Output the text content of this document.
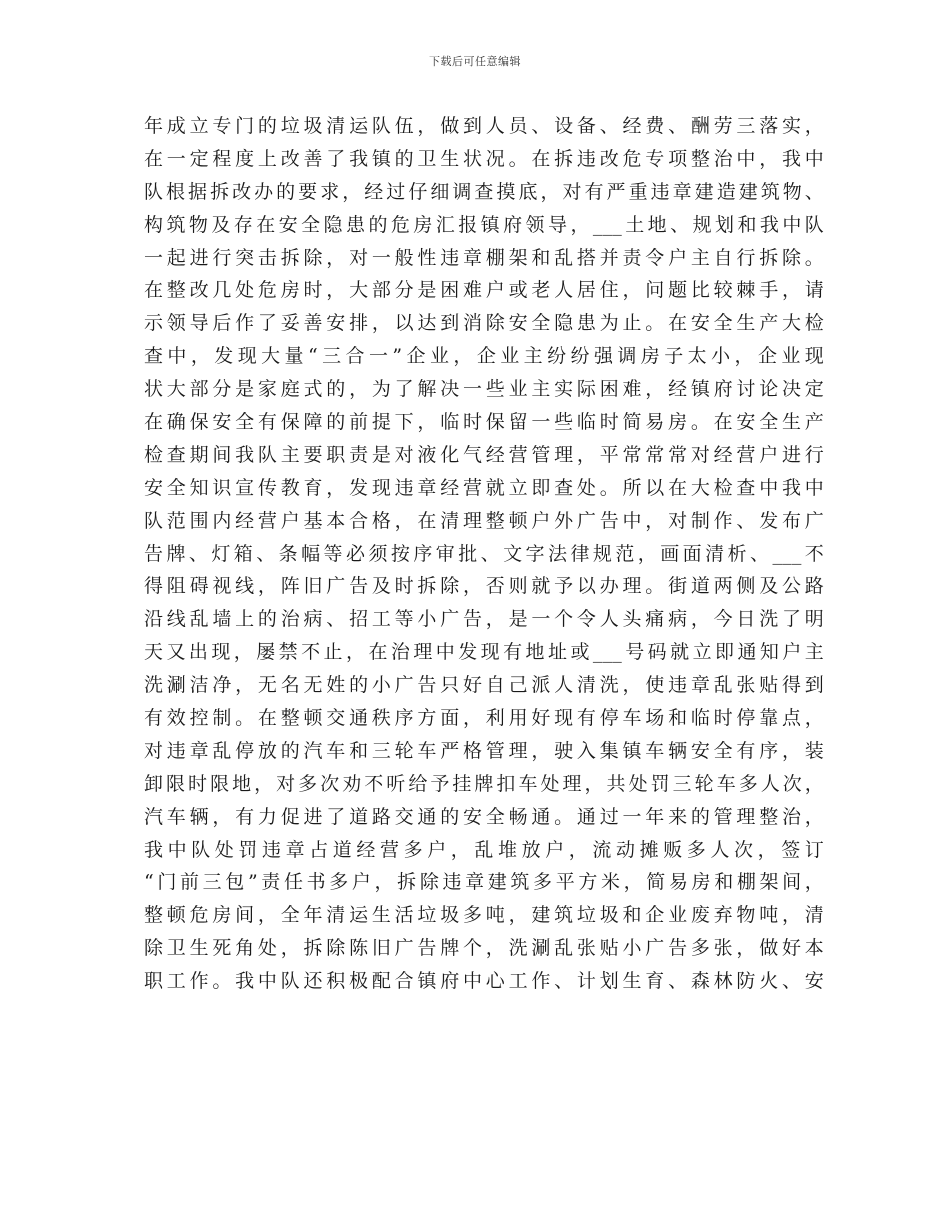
下载后可任意编辑
年成立专门的垃圾清运队伍，做到人员、设备、经费、酬劳三落实，
在一定程度上改善了我镇的卫生状况。在拆违改危专项整治中，我中
队根据拆改办的要求，经过仔细调查摸底，对有严重违章建造建筑物、
构筑物及存在安全隐患的危房汇报镇府领导，___土地、规划和我中队
一起进行突击拆除，对一般性违章棚架和乱搭并责令户主自行拆除。
在整改几处危房时，大部分是困难户或老人居住，问题比较棘手，请
示领导后作了妥善安排，以达到消除安全隐患为止。在安全生产大检
查中，发现大量“三合一”企业，企业主纷纷强调房子太小，企业现
状大部分是家庭式的，为了解决一些业主实际困难，经镇府讨论决定
在确保安全有保障的前提下，临时保留一些临时简易房。在安全生产
检查期间我队主要职责是对液化气经营管理，平常常常对经营户进行
安全知识宣传教育，发现违章经营就立即查处。所以在大检查中我中
队范围内经营户基本合格，在清理整顿户外广告中，对制作、发布广
告牌、灯箱、条幅等必须按序审批、文字法律规范，画面清析、___不
得阻碍视线，阵旧广告及时拆除，否则就予以办理。街道两侧及公路
沿线乱墙上的治病、招工等小广告，是一个令人头痛病，今日洗了明
天又出现，屡禁不止，在治理中发现有地址或___号码就立即通知户主
洗涮洁净，无名无姓的小广告只好自己派人清洗，使违章乱张贴得到
有效控制。在整顿交通秩序方面，利用好现有停车场和临时停靠点，
对违章乱停放的汽车和三轮车严格管理，驶入集镇车辆安全有序，装
卸限时限地，对多次劝不听给予挂牌扣车处理，共处罚三轮车多人次，
汽车辆，有力促进了道路交通的安全畅通。通过一年来的管理整治，
我中队处罚违章占道经营多户，乱堆放户，流动摊贩多人次，签订
“门前三包”责任书多户，拆除违章建筑多平方米，简易房和棚架间，
整顿危房间，全年清运生活垃圾多吨，建筑垃圾和企业废弃物吨，清
除卫生死角处，拆除陈旧广告牌个，洗涮乱张贴小广告多张，做好本
职工作。我中队还积极配合镇府中心工作、计划生育、森林防火、安
